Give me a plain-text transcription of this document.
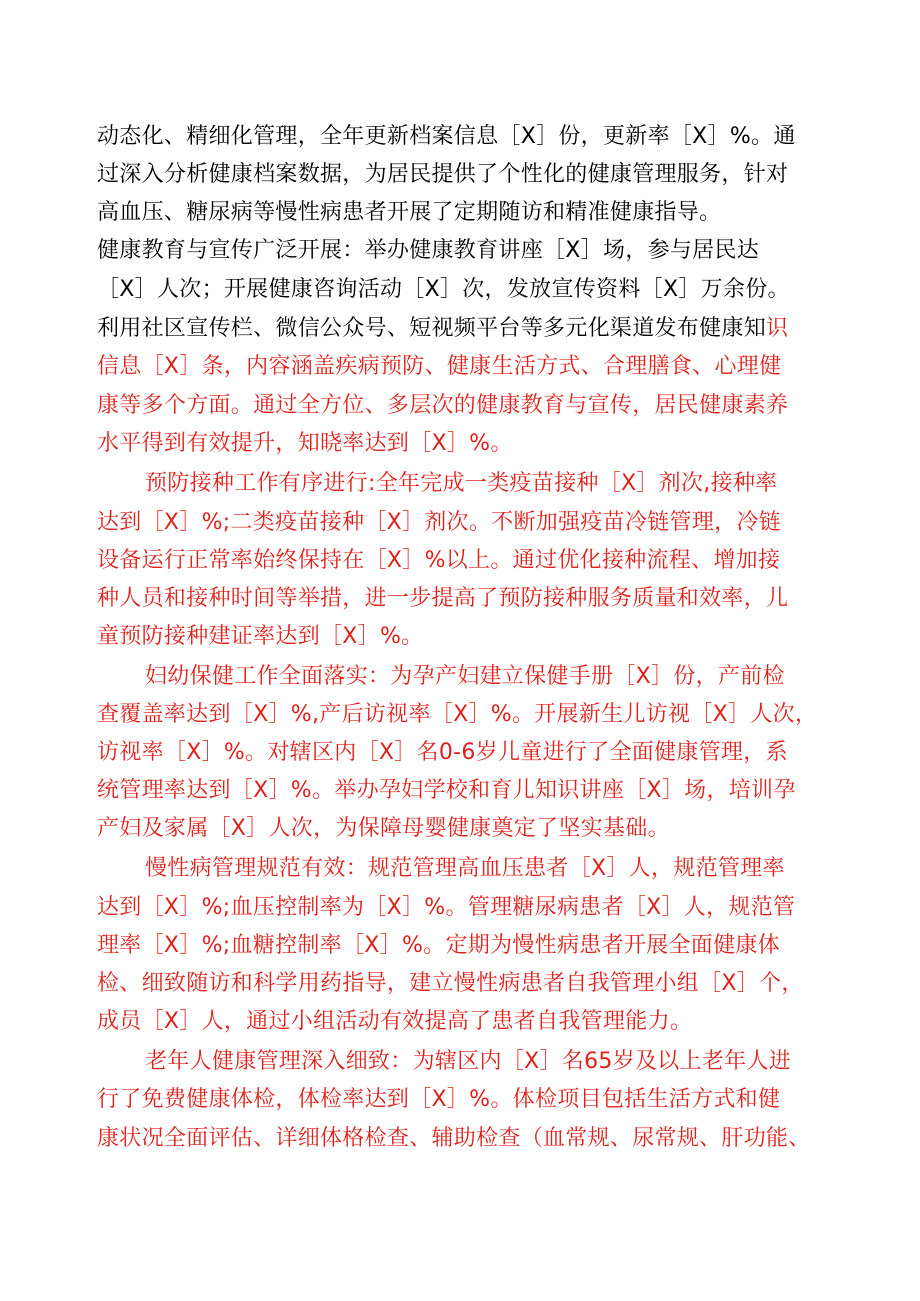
动态化、精细化管理，全年更新档案信息［X］份，更新率［X］%。通
过深入分析健康档案数据，为居民提供了个性化的健康管理服务，针对
高血压、糖尿病等慢性病患者开展了定期随访和精准健康指导。
健康教育与宣传广泛开展：举办健康教育讲座［X］场，参与居民达
［X］人次；开展健康咨询活动［X］次，发放宣传资料［X］万余份。
利用社区宣传栏、微信公众号、短视频平台等多元化渠道发布健康知识
信息［X］条，内容涵盖疾病预防、健康生活方式、合理膳食、心理健
康等多个方面。通过全方位、多层次的健康教育与宣传，居民健康素养
水平得到有效提升，知晓率达到［X］%。
预防接种工作有序进行:全年完成一类疫苗接种［X］剂次,接种率
达到［X］%;二类疫苗接种［X］剂次。不断加强疫苗冷链管理，冷链
设备运行正常率始终保持在［X］%以上。通过优化接种流程、增加接
种人员和接种时间等举措，进一步提高了预防接种服务质量和效率，儿
童预防接种建证率达到［X］%。
妇幼保健工作全面落实：为孕产妇建立保健手册［X］份，产前检
查覆盖率达到［X］%,产后访视率［X］%。开展新生儿访视［X］人次，
访视率［X］%。对辖区内［X］名0-6岁儿童进行了全面健康管理，系
统管理率达到［X］%。举办孕妇学校和育儿知识讲座［X］场，培训孕
产妇及家属［X］人次，为保障母婴健康奠定了坚实基础。
慢性病管理规范有效：规范管理高血压患者［X］人，规范管理率
达到［X］%;血压控制率为［X］%。管理糖尿病患者［X］人，规范管
理率［X］%;血糖控制率［X］%。定期为慢性病患者开展全面健康体
检、细致随访和科学用药指导，建立慢性病患者自我管理小组［X］个，
成员［X］人，通过小组活动有效提高了患者自我管理能力。
老年人健康管理深入细致：为辖区内［X］名65岁及以上老年人进
行了免费健康体检，体检率达到［X］%。体检项目包括生活方式和健
康状况全面评估、详细体格检查、辅助检查（血常规、尿常规、肝功能、
